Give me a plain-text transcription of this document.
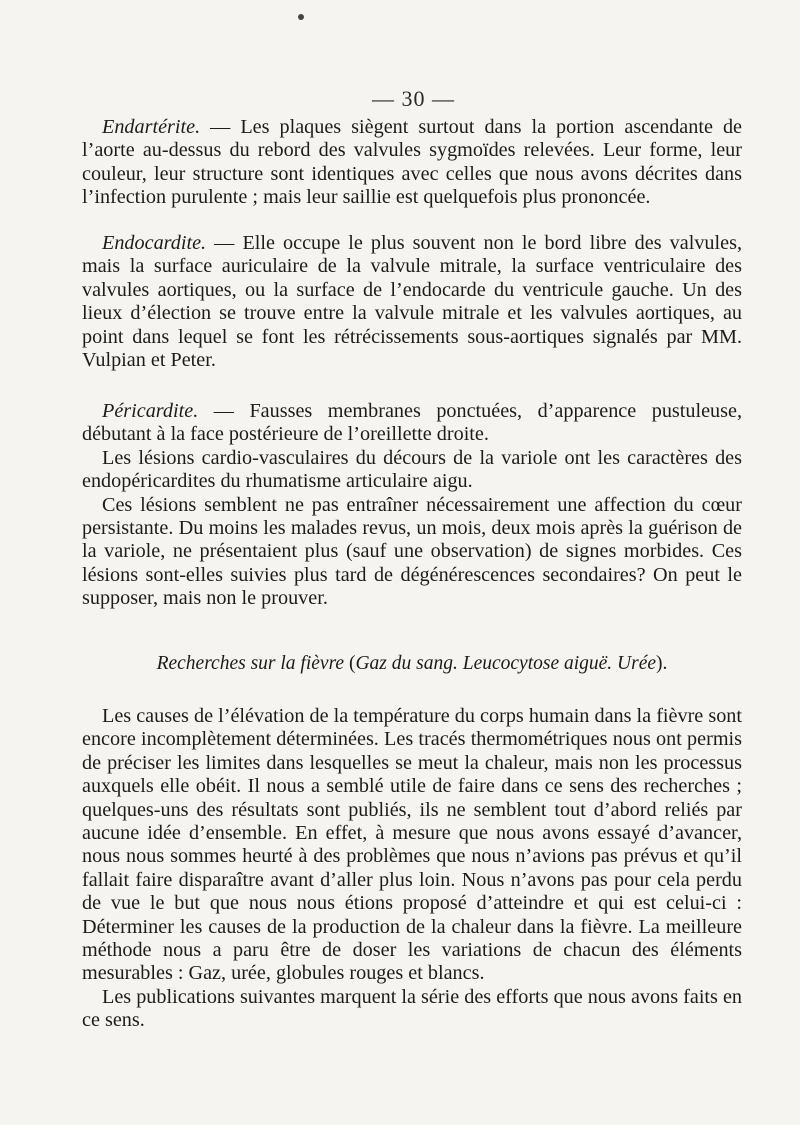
— 30 —

Endartérite. — Les plaques siègent surtout dans la portion ascendante de l’aorte au-dessus du rebord des valvules sygmoïdes relevées. Leur forme, leur couleur, leur structure sont identiques avec celles que nous avons décrites dans l’infection purulente ; mais leur saillie est quelquefois plus prononcée.

Endocardite. — Elle occupe le plus souvent non le bord libre des valvules, mais la surface auriculaire de la valvule mitrale, la surface ventriculaire des valvules aortiques, ou la surface de l’endocarde du ventricule gauche. Un des lieux d’élection se trouve entre la valvule mitrale et les valvules aortiques, au point dans lequel se font les rétrécissements sous-aortiques signalés par MM. Vulpian et Peter.

Péricardite. — Fausses membranes ponctuées, d’apparence pustuleuse, débutant à la face postérieure de l’oreillette droite.

Les lésions cardio-vasculaires du décours de la variole ont les caractères des endopéricardites du rhumatisme articulaire aigu.

Ces lésions semblent ne pas entraîner nécessairement une affection du cœur persistante. Du moins les malades revus, un mois, deux mois après la guérison de la variole, ne présentaient plus (sauf une observation) de signes morbides. Ces lésions sont-elles suivies plus tard de dégénérescences secondaires? On peut le supposer, mais non le prouver.

Recherches sur la fièvre (Gaz du sang. Leucocytose aiguë. Urée).

Les causes de l’élévation de la température du corps humain dans la fièvre sont encore incomplètement déterminées. Les tracés thermométriques nous ont permis de préciser les limites dans lesquelles se meut la chaleur, mais non les processus auxquels elle obéit. Il nous a semblé utile de faire dans ce sens des recherches ; quelques-uns des résultats sont publiés, ils ne semblent tout d’abord reliés par aucune idée d’ensemble. En effet, à mesure que nous avons essayé d’avancer, nous nous sommes heurté à des problèmes que nous n’avions pas prévus et qu’il fallait faire disparaître avant d’aller plus loin. Nous n’avons pas pour cela perdu de vue le but que nous nous étions proposé d’atteindre et qui est celui-ci : Déterminer les causes de la production de la chaleur dans la fièvre. La meilleure méthode nous a paru être de doser les variations de chacun des éléments mesurables : Gaz, urée, globules rouges et blancs.

Les publications suivantes marquent la série des efforts que nous avons faits en ce sens.
